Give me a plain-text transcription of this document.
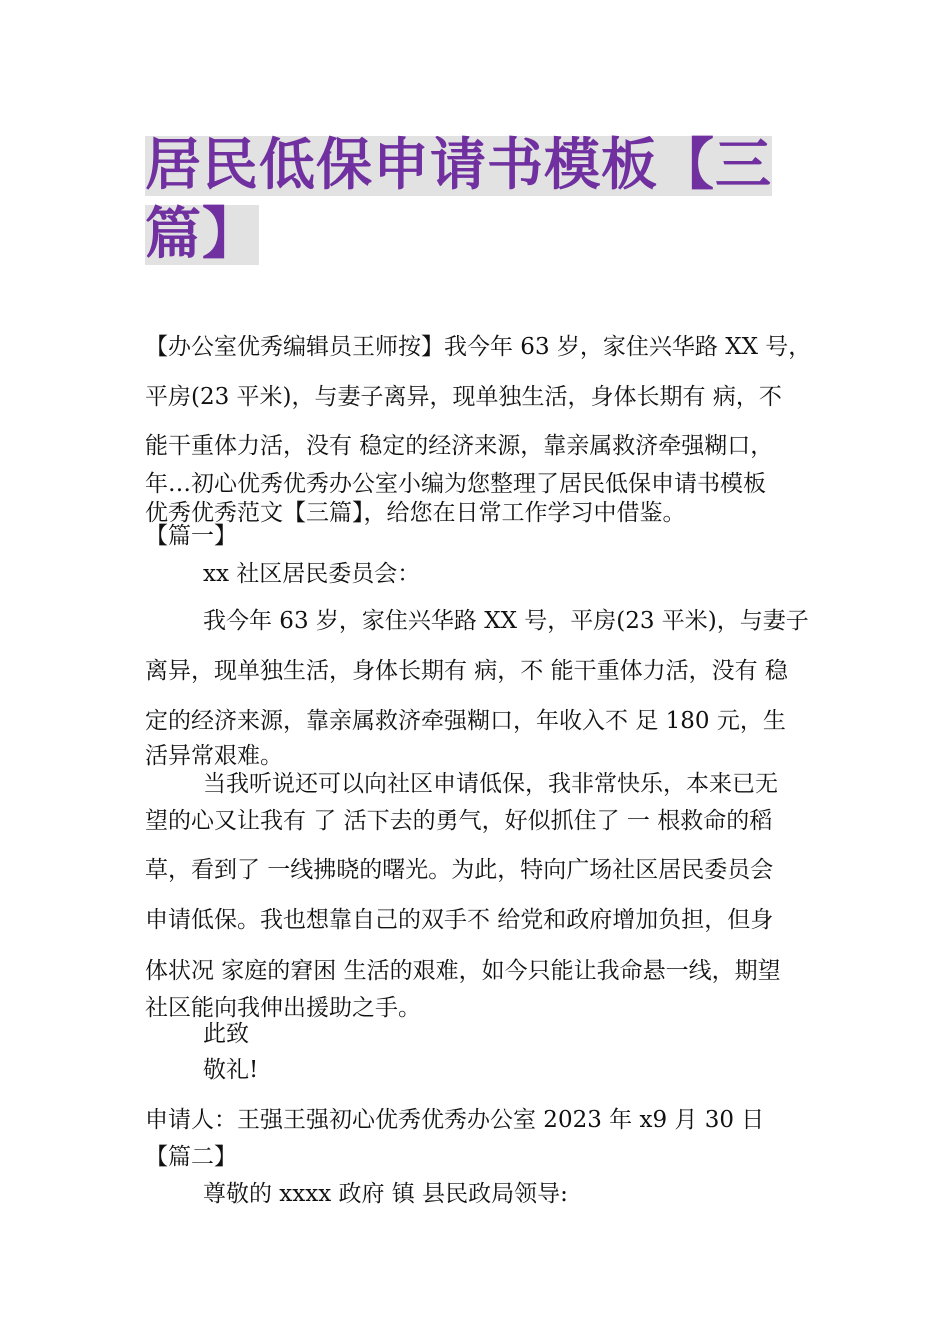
居民低保申请书模板【三
篇】
【办公室优秀编辑员王师按】我今年 63 岁，家住兴华路 XX 号，
平房(23 平米)，与妻子离异，现单独生活，身体长期有 病，不
能干重体力活，没有 稳定的经济来源，靠亲属救济牵强糊口，
年…初心优秀优秀办公室小编为您整理了居民低保申请书模板
优秀优秀范文【三篇】，给您在日常工作学习中借鉴。
【篇一】
xx 社区居民委员会：
我今年 63 岁，家住兴华路 XX 号，平房(23 平米)，与妻子
离异，现单独生活，身体长期有 病，不 能干重体力活，没有 稳
定的经济来源，靠亲属救济牵强糊口，年收入不 足 180 元，生
活异常艰难。
当我听说还可以向社区申请低保，我非常快乐，本来已无
望的心又让我有 了 活下去的勇气，好似抓住了 一 根救命的稻
草，看到了 一线拂晓的曙光。为此，特向广场社区居民委员会
申请低保。我也想靠自己的双手不 给党和政府增加负担，但身
体状况 家庭的窘困 生活的艰难，如今只能让我命悬一线，期望
社区能向我伸出援助之手。
此致
敬礼!
申请人：王强王强初心优秀优秀办公室 2023 年 x9 月 30 日
【篇二】
尊敬的 xxxx 政府 镇 县民政局领导:
